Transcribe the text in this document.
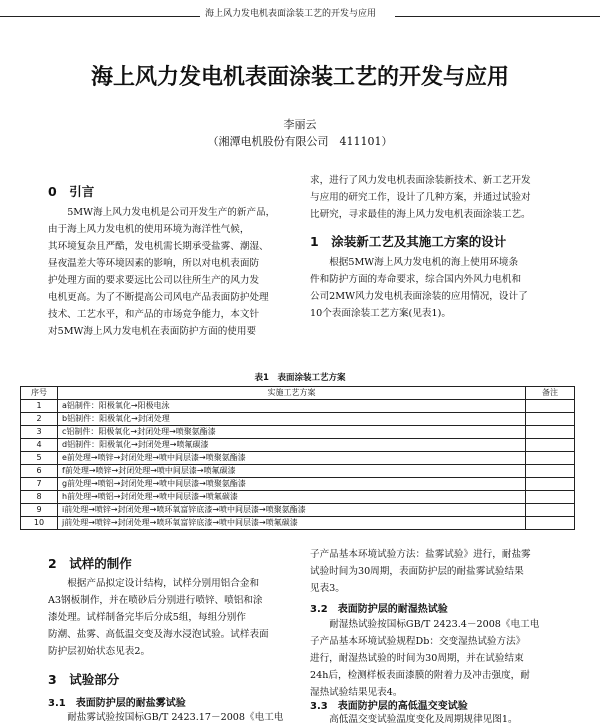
海上风力发电机表面涂装工艺的开发与应用
海上风力发电机表面涂装工艺的开发与应用
李丽云
（湘潭电机股份有限公司　411101）
0　引言
5MW海上风力发电机是公司开发生产的新产品，
由于海上风力发电机的使用环境为海洋性气候，
其环境复杂且严酷，发电机需长期承受盐雾、潮湿、
昼夜温差大等环境因素的影响，所以对电机表面防
护处理方面的要求要远比公司以往所生产的风力发
电机更高。为了不断提高公司风电产品表面防护处理
技术、工艺水平，和产品的市场竞争能力，本文针
对5MW海上风力发电机在表面防护方面的使用要
求，进行了风力发电机表面涂装新技术、新工艺开发
与应用的研究工作，设计了几种方案，并通过试验对
比研究，寻求最佳的海上风力发电机表面涂装工艺。
1　涂装新工艺及其施工方案的设计
根据5MW海上风力发电机的海上使用环境条
件和防护方面的寿命要求，综合国内外风力电机和
公司2MW风力发电机表面涂装的应用情况，设计了
10个表面涂装工艺方案(见表1)。
表1　表面涂装工艺方案
序号	实施工艺方案	备注
1	a铝制件：阳极氧化→阳极电泳	
2	b铝制件：阳极氧化→封闭处理	
3	c铝制件：阳极氧化→封闭处理→喷聚氨酯漆	
4	d铝制件：阳极氧化→封闭处理→喷氟碳漆	
5	e前处理→喷锌→封闭处理→喷中间层漆→喷聚氨酯漆	
6	f前处理→喷锌→封闭处理→喷中间层漆→喷氟碳漆	
7	g前处理→喷铝→封闭处理→喷中间层漆→喷聚氨酯漆	
8	h前处理→喷铝→封闭处理→喷中间层漆→喷氟碳漆	
9	i前处理→喷锌→封闭处理→喷环氧富锌底漆→喷中间层漆→喷聚氨酯漆	
10	j前处理→喷锌→封闭处理→喷环氧富锌底漆→喷中间层漆→喷氟碳漆	
2　试样的制作
根据产品拟定设计结构，试样分别用铝合金和
A3钢板制作，并在喷砂后分别进行喷锌、喷铝和涂
漆处理。试样制备完毕后分成5组，每组分别作
防潮、盐雾、高低温交变及海水浸泡试验。试样表面
防护层初始状态见表2。
3　试验部分
3.1　表面防护层的耐盐雾试验
耐盐雾试验按国标GB/T 2423.17－2008《电工电
子产品基本环境试验方法：盐雾试验》进行，耐盐雾
试验时间为30周期，表面防护层的耐盐雾试验结果
见表3。
3.2　表面防护层的耐湿热试验
耐湿热试验按国标GB/T 2423.4－2008《电工电
子产品基本环境试验规程Db：交变湿热试验方法》
进行，耐湿热试验的时间为30周期，并在试验结束
24h后，检测样板表面漆膜的附着力及冲击强度，耐
湿热试验结果见表4。
3.3　表面防护层的高低温交变试验
高低温交变试验温度变化及周期规律见图1。
